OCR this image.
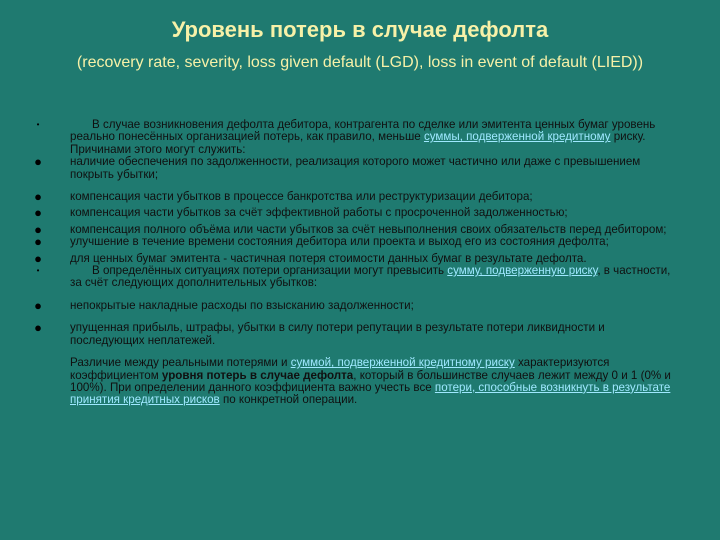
Уровень потерь в случае дефолта
(recovery rate, severity, loss given default (LGD), loss in event of default (LIED))
•	В случае возникновения дефолта дебитора, контрагента по сделке или эмитента ценных бумаг уровень реально понесённых организацией потерь, как правило, меньше суммы, подверженной кредитному риску. Причинами этого могут служить:
● наличие обеспечения по задолженности, реализация которого может частично или даже с превышением покрыть убытки;
● компенсация части убытков в процессе банкротства или реструктуризации дебитора;
● компенсация части убытков за счёт эффективной работы с просроченной задолженностью;
● компенсация полного объёма или части убытков за счёт невыполнения своих обязательств перед дебитором;
● улучшение в течение времени состояния дебитора или проекта и выход его из состояния дефолта;
● для ценных бумаг эмитента - частичная потеря стоимости данных бумаг в результате дефолта.
•	В определённых ситуациях потери организации могут превысить сумму, подверженную риску, в частности, за счёт следующих дополнительных убытков:
● непокрытые накладные расходы по взысканию задолженности;
● упущенная прибыль, штрафы, убытки в силу потери репутации в результате потери ликвидности и последующих неплатежей.
Различие между реальными потерями и суммой, подверженной кредитному риску характеризуются коэффициентом уровня потерь в случае дефолта, который в большинстве случаев лежит между 0 и 1 (0% и 100%). При определении данного коэффициента важно учесть все потери, способные возникнуть в результате принятия кредитных рисков по конкретной операции.
